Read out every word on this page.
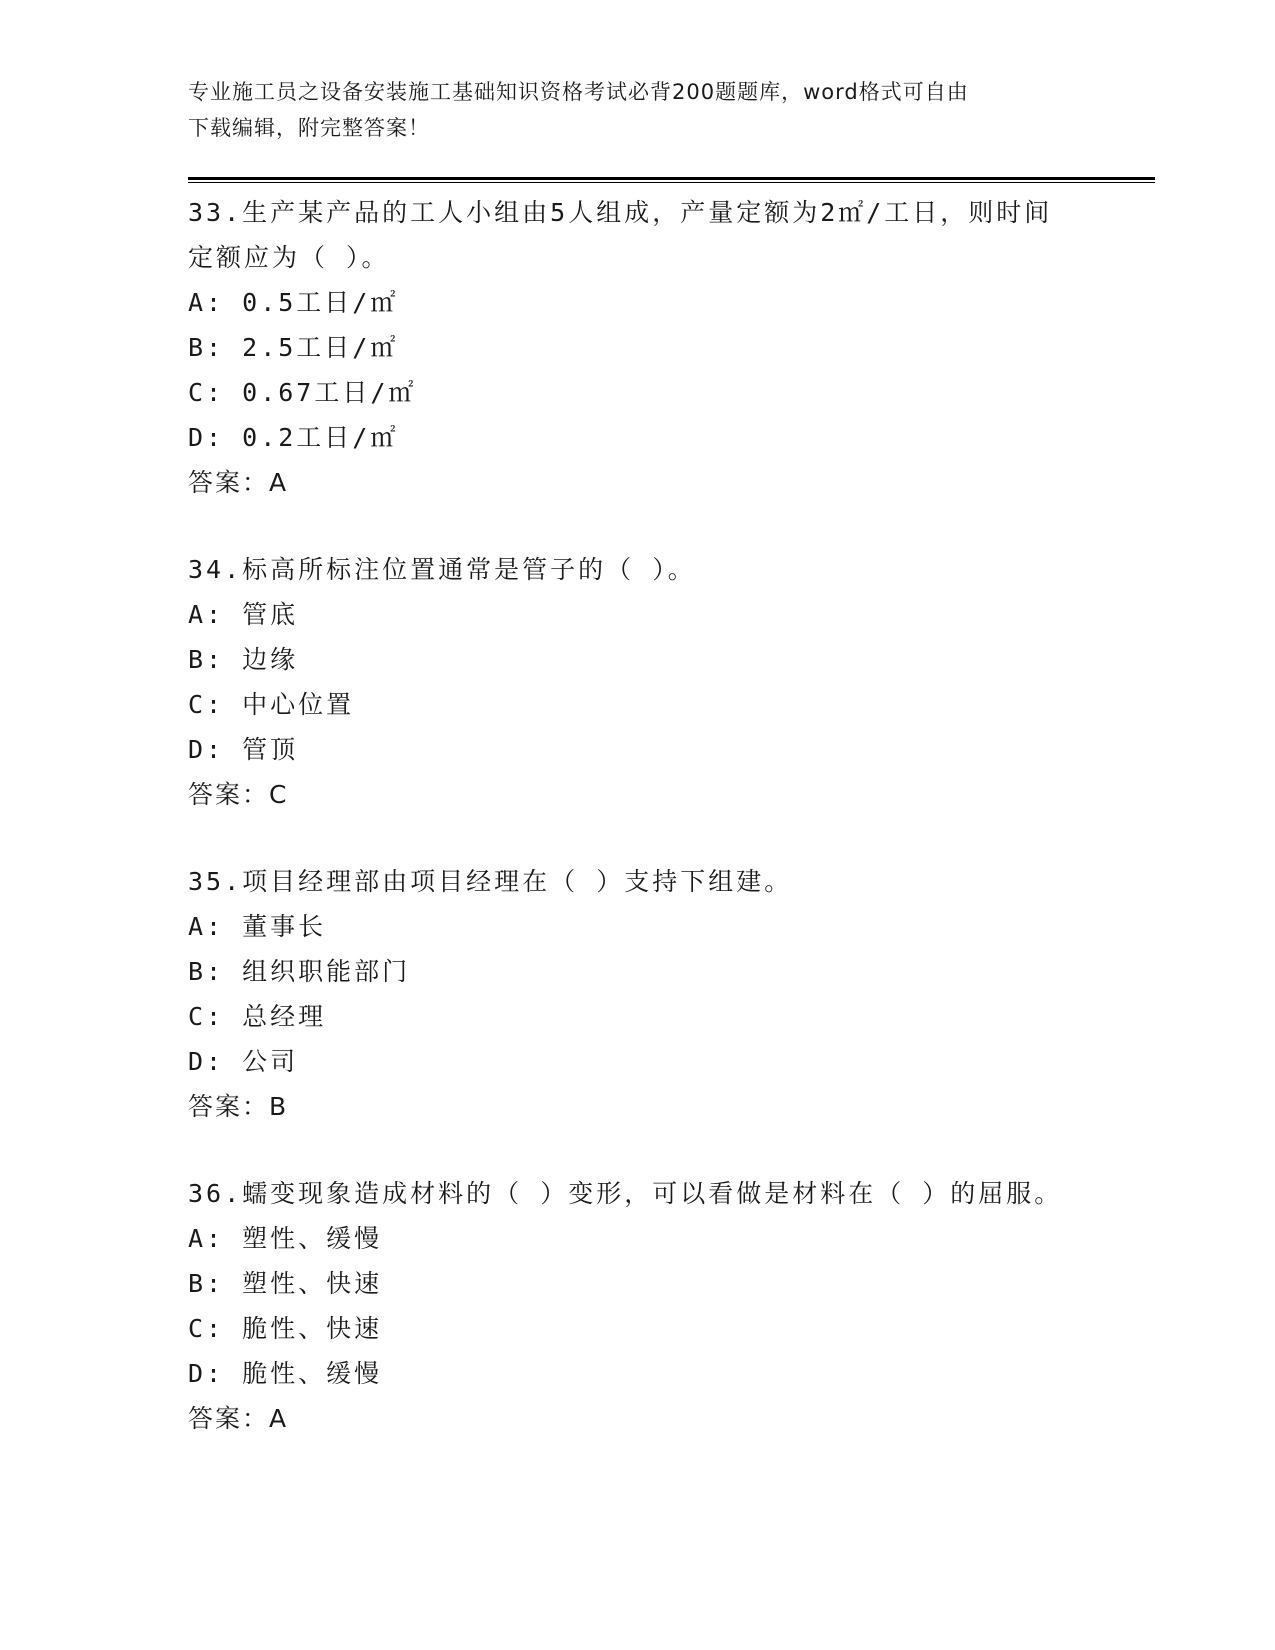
专业施工员之设备安装施工基础知识资格考试必背200题题库，word格式可自由
下载编辑，附完整答案！

33.生产某产品的工人小组由5人组成，产量定额为2㎡/工日，则时间

定额应为（ ）。

A: 0.5工日/㎡

B: 2.5工日/㎡

C: 0.67工日/㎡

D: 0.2工日/㎡

答案：A

34.标高所标注位置通常是管子的（ ）。

A: 管底

B: 边缘

C: 中心位置

D: 管顶

答案：C

35.项目经理部由项目经理在（ ）支持下组建。

A: 董事长

B: 组织职能部门

C: 总经理

D: 公司

答案：B

36.蠕变现象造成材料的（ ）变形，可以看做是材料在（ ）的屈服。

A: 塑性、缓慢

B: 塑性、快速

C: 脆性、快速

D: 脆性、缓慢

答案：A
